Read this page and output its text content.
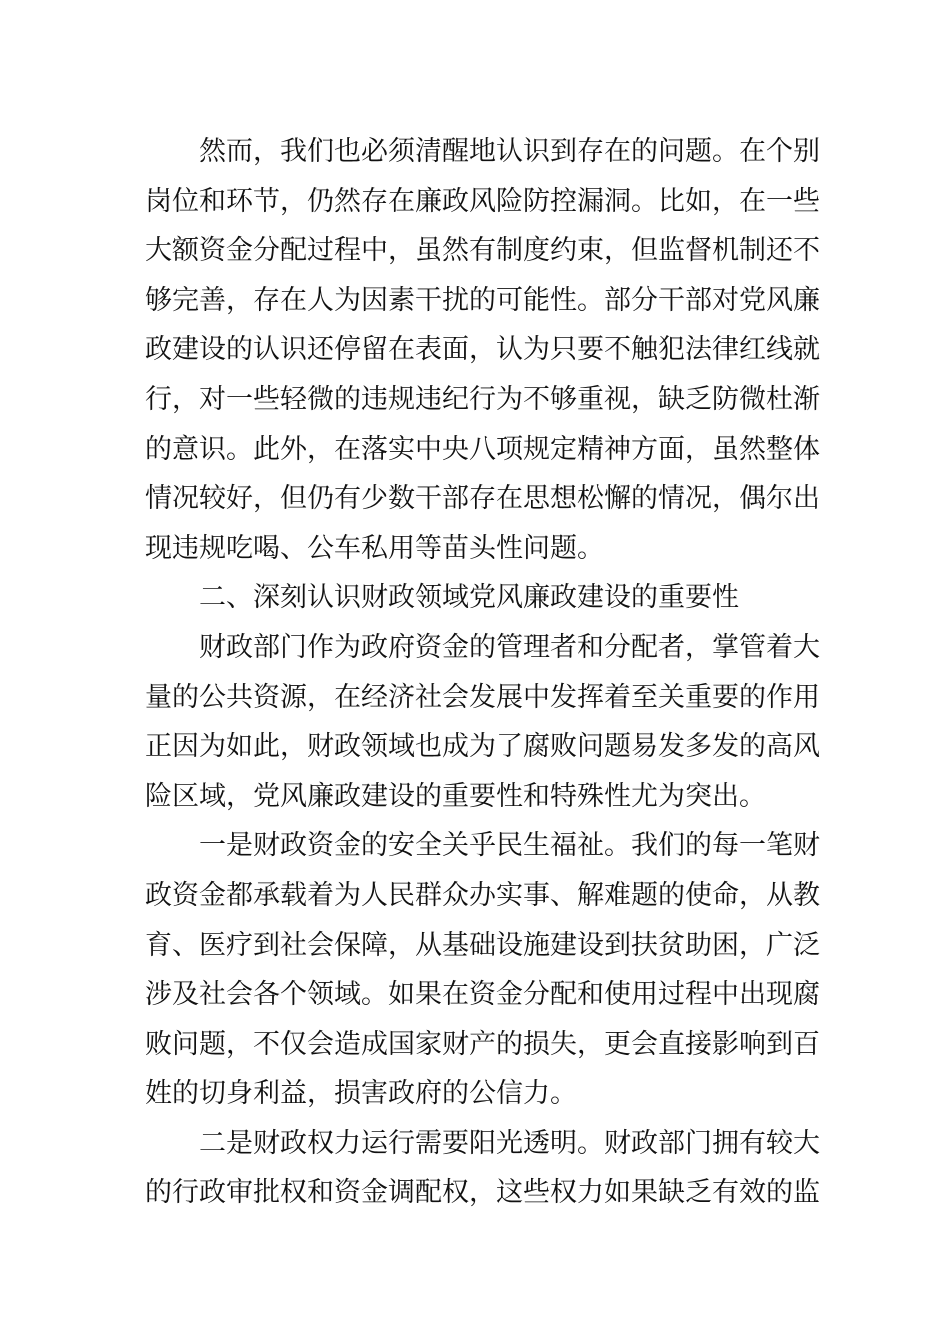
然而，我们也必须清醒地认识到存在的问题。在个别
岗位和环节，仍然存在廉政风险防控漏洞。比如，在一些
大额资金分配过程中，虽然有制度约束，但监督机制还不
够完善，存在人为因素干扰的可能性。部分干部对党风廉
政建设的认识还停留在表面，认为只要不触犯法律红线就
行，对一些轻微的违规违纪行为不够重视，缺乏防微杜渐
的意识。此外，在落实中央八项规定精神方面，虽然整体
情况较好，但仍有少数干部存在思想松懈的情况，偶尔出
现违规吃喝、公车私用等苗头性问题。
二、深刻认识财政领域党风廉政建设的重要性
财政部门作为政府资金的管理者和分配者，掌管着大
量的公共资源，在经济社会发展中发挥着至关重要的作用
正因为如此，财政领域也成为了腐败问题易发多发的高风
险区域，党风廉政建设的重要性和特殊性尤为突出。
一是财政资金的安全关乎民生福祉。我们的每一笔财
政资金都承载着为人民群众办实事、解难题的使命，从教
育、医疗到社会保障，从基础设施建设到扶贫助困，广泛
涉及社会各个领域。如果在资金分配和使用过程中出现腐
败问题，不仅会造成国家财产的损失，更会直接影响到百
姓的切身利益，损害政府的公信力。
二是财政权力运行需要阳光透明。财政部门拥有较大
的行政审批权和资金调配权，这些权力如果缺乏有效的监
